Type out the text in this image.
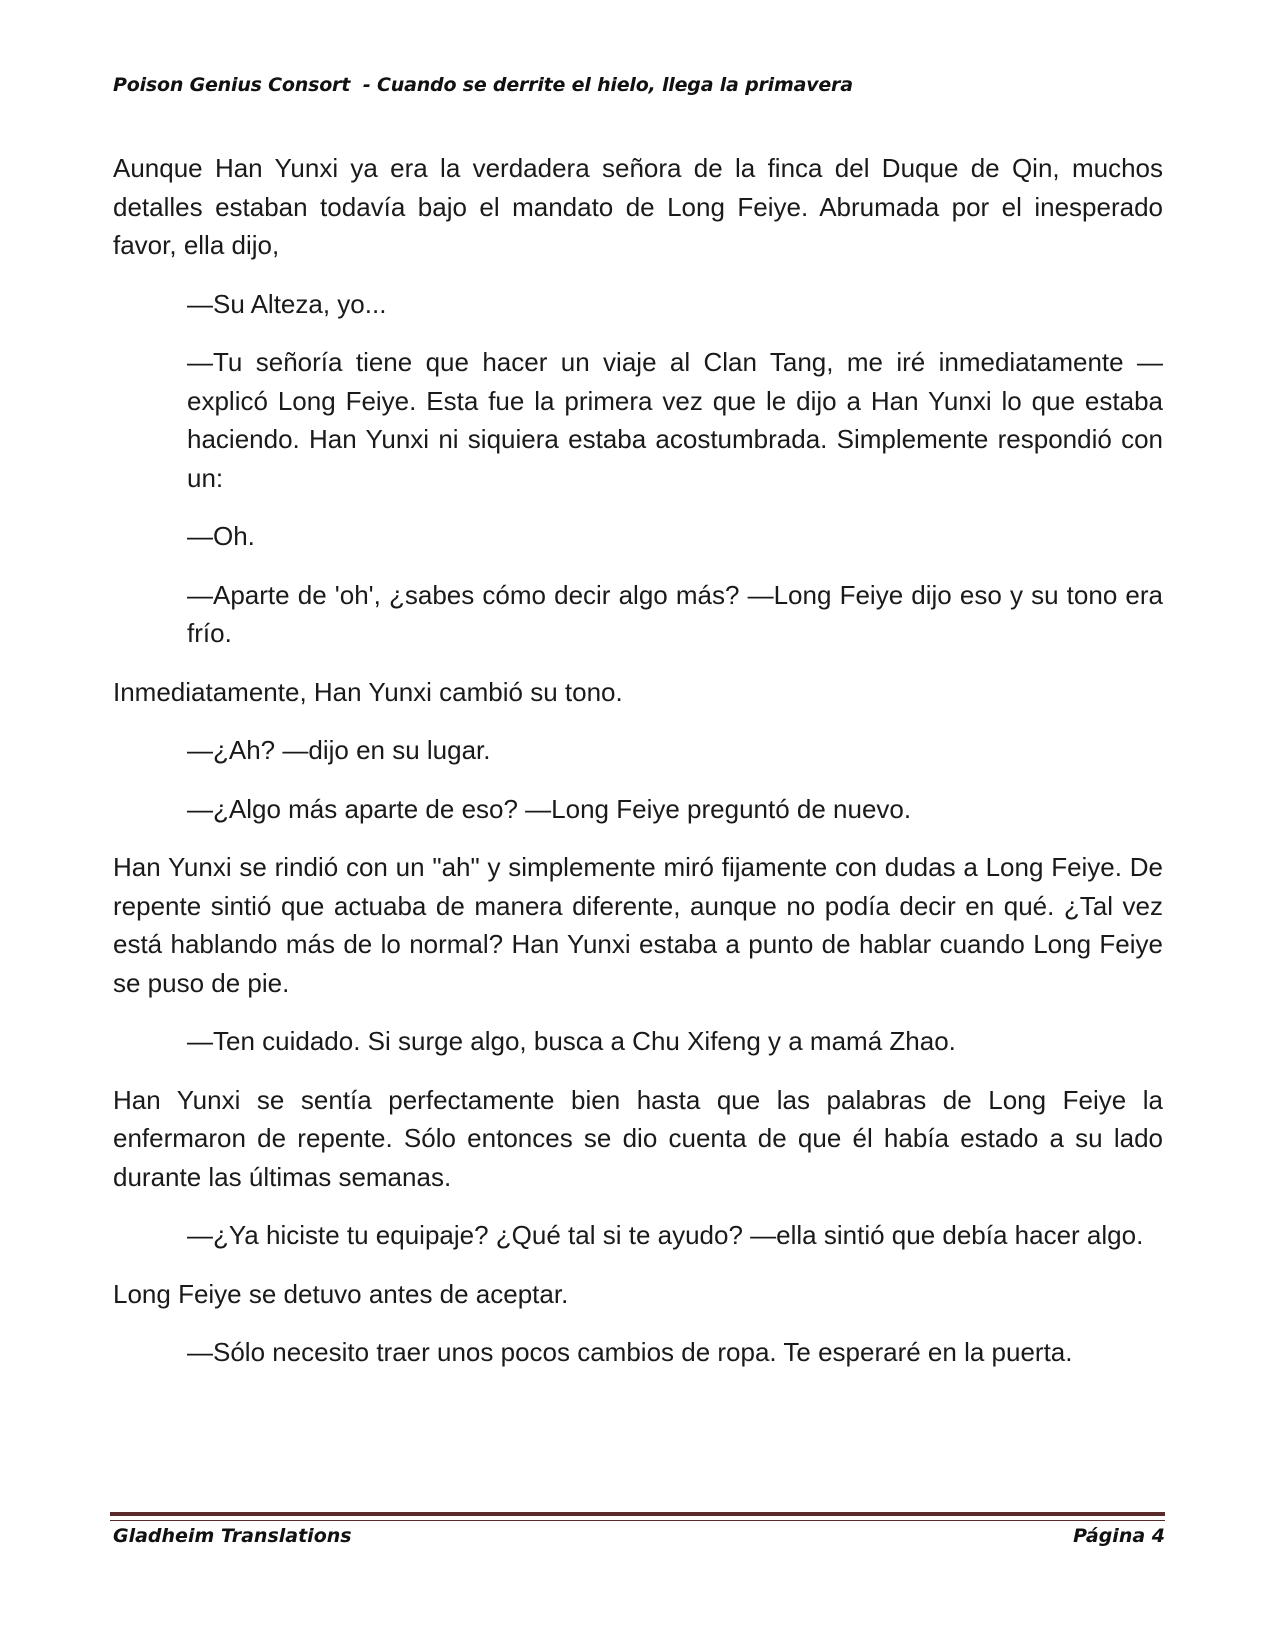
Poison Genius Consort  - Cuando se derrite el hielo, llega la primavera

Aunque Han Yunxi ya era la verdadera señora de la finca del Duque de Qin, muchos detalles estaban todavía bajo el mandato de Long Feiye. Abrumada por el inesperado favor, ella dijo,

—Su Alteza, yo...

—Tu señoría tiene que hacer un viaje al Clan Tang, me iré inmediatamente —explicó Long Feiye. Esta fue la primera vez que le dijo a Han Yunxi lo que estaba haciendo. Han Yunxi ni siquiera estaba acostumbrada. Simplemente respondió con un:

—Oh.

—Aparte de 'oh', ¿sabes cómo decir algo más? —Long Feiye dijo eso y su tono era frío.

Inmediatamente, Han Yunxi cambió su tono.

—¿Ah? —dijo en su lugar.

—¿Algo más aparte de eso? —Long Feiye preguntó de nuevo.

Han Yunxi se rindió con un "ah" y simplemente miró fijamente con dudas a Long Feiye. De repente sintió que actuaba de manera diferente, aunque no podía decir en qué. ¿Tal vez está hablando más de lo normal? Han Yunxi estaba a punto de hablar cuando Long Feiye se puso de pie.

—Ten cuidado. Si surge algo, busca a Chu Xifeng y a mamá Zhao.

Han Yunxi se sentía perfectamente bien hasta que las palabras de Long Feiye la enfermaron de repente. Sólo entonces se dio cuenta de que él había estado a su lado durante las últimas semanas.

—¿Ya hiciste tu equipaje? ¿Qué tal si te ayudo? —ella sintió que debía hacer algo.

Long Feiye se detuvo antes de aceptar.

—Sólo necesito traer unos pocos cambios de ropa. Te esperaré en la puerta.

Gladheim Translations	Página 4
